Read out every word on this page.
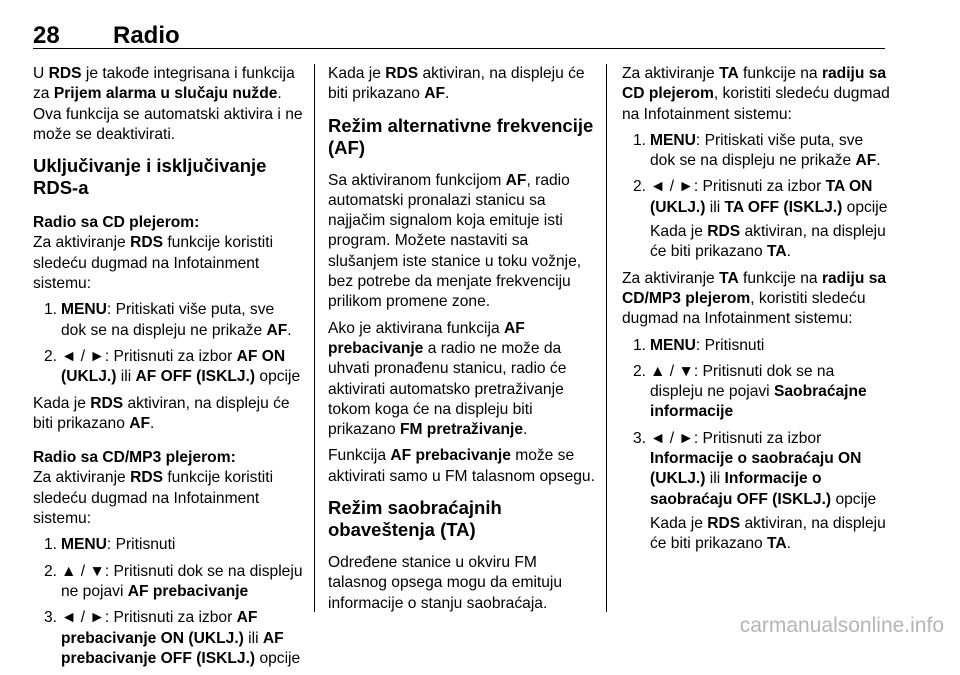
28 Radio

U RDS je takođe integrisana i funkcija za Prijem alarma u slučaju nužde. Ova funkcija se automatski aktivira i ne može se deaktivirati.

Uključivanje i isključivanje RDS-a
Radio sa CD plejerom:

Za aktiviranje RDS funkcije koristiti sledeću dugmad na Infotainment sistemu:

1. MENU: Pritiskati više puta, sve dok se na displeju ne prikaže AF.
2. ◄ / ►: Pritisnuti za izbor AF ON (UKLJ.) ili AF OFF (ISKLJ.) opcije

Kada je RDS aktiviran, na displeju će biti prikazano AF.

Radio sa CD/MP3 plejerom:

Za aktiviranje RDS funkcije koristiti sledeću dugmad na Infotainment sistemu:

1. MENU: Pritisnuti
2. ▲ / ▼: Pritisnuti dok se na displeju ne pojavi AF prebacivanje
3. ◄ / ►: Pritisnuti za izbor AF prebacivanje ON (UKLJ.) ili AF prebacivanje OFF (ISKLJ.) opcije

Kada je RDS aktiviran, na displeju će biti prikazano AF.

Režim alternativne frekvencije (AF)

Sa aktiviranom funkcijom AF, radio automatski pronalazi stanicu sa najjačim signalom koja emituje isti program. Možete nastaviti sa slušanjem iste stanice u toku vožnje, bez potrebe da menjate frekvenciju prilikom promene zone.

Ako je aktivirana funkcija AF prebacivanje a radio ne može da uhvati pronađenu stanicu, radio će aktivirati automatsko pretraživanje tokom koga će na displeju biti prikazano FM pretraživanje.

Funkcija AF prebacivanje može se aktivirati samo u FM talasnom opsegu.

Režim saobraćajnih obaveštenja (TA)

Određene stanice u okviru FM talasnog opsega mogu da emituju informacije o stanju saobraćaja.

Za aktiviranje TA funkcije na radiju sa CD plejerom, koristiti sledeću dugmad na Infotainment sistemu:

1. MENU: Pritiskati više puta, sve dok se na displeju ne prikaže AF.
2. ◄ / ►: Pritisnuti za izbor TA ON (UKLJ.) ili TA OFF (ISKLJ.) opcije

Kada je RDS aktiviran, na displeju će biti prikazano TA.

Za aktiviranje TA funkcije na radiju sa CD/MP3 plejerom, koristiti sledeću dugmad na Infotainment sistemu:

1. MENU: Pritisnuti
2. ▲ / ▼: Pritisnuti dok se na displeju ne pojavi Saobraćajne informacije
3. ◄ / ►: Pritisnuti za izbor Informacije o saobraćaju ON (UKLJ.) ili Informacije o saobraćaju OFF (ISKLJ.) opcije

Kada je RDS aktiviran, na displeju će biti prikazano TA.

carmanualsonline.info
